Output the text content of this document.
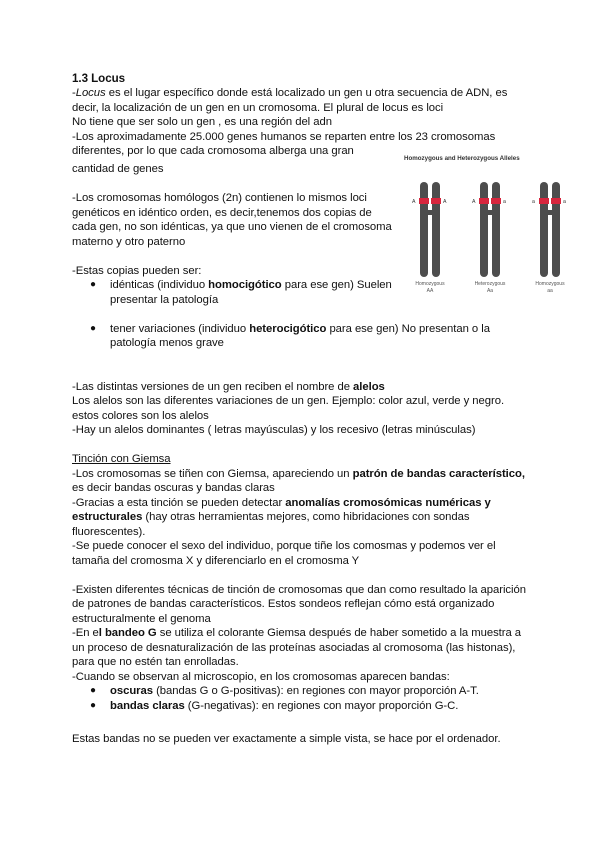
1.3 Locus
-Locus es el lugar específico donde está localizado un gen u otra secuencia de ADN, es
decir, la localización de un gen en un cromosoma. El plural de locus es loci
No tiene que ser solo un gen , es una región del adn
-Los aproximadamente 25.000 genes humanos se reparten entre los 23 cromosomas
diferentes, por lo que cada cromosoma alberga una gran
cantidad de genes
-Los cromosomas homólogos (2n) contienen lo mismos loci
genéticos en idéntico orden, es decir,tenemos dos copias de
cada gen, no son idénticas, ya que uno vienen de el cromosoma
materno y otro paterno
-Estas copias pueden ser:
● idénticas (individuo homocigótico para ese gen) Suelen
presentar la patología
● tener variaciones (individuo heterocigótico para ese gen) No presentan o la
patología menos grave
Homozygous and Heterozygous Alleles
A	A
Homozygous
AA
A	a
Heterozygous
Aa
a	a
Homozygous
aa
-Las distintas versiones de un gen reciben el nombre de alelos
Los alelos son las diferentes variaciones de un gen. Ejemplo: color azul, verde y negro.
estos colores son los alelos
-Hay un alelos dominantes ( letras mayúsculas) y los recesivo (letras minúsculas)
Tinción con Giemsa
-Los cromosomas se tiñen con Giemsa, apareciendo un patrón de bandas característico,
es decir bandas oscuras y bandas claras
-Gracias a esta tinción se pueden detectar anomalías cromosómicas numéricas y
estructurales (hay otras herramientas mejores, como hibridaciones con sondas
fluorescentes).
-Se puede conocer el sexo del individuo, porque tiñe los comosmas y podemos ver el
tamaña del cromosma X y diferenciarlo en el cromosma Y
-Existen diferentes técnicas de tinción de cromosomas que dan como resultado la aparición
de patrones de bandas característicos. Estos sondeos reflejan cómo está organizado
estructuralmente el genoma
-En el bandeo G se utiliza el colorante Giemsa después de haber sometido a la muestra a
un proceso de desnaturalización de las proteínas asociadas al cromosoma (las histonas),
para que no estén tan enrolladas.
-Cuando se observan al microscopio, en los cromosomas aparecen bandas:
● oscuras (bandas G o G-positivas): en regiones con mayor proporción A-T.
● bandas claras (G-negativas): en regiones con mayor proporción G-C.
Estas bandas no se pueden ver exactamente a simple vista, se hace por el ordenador.
